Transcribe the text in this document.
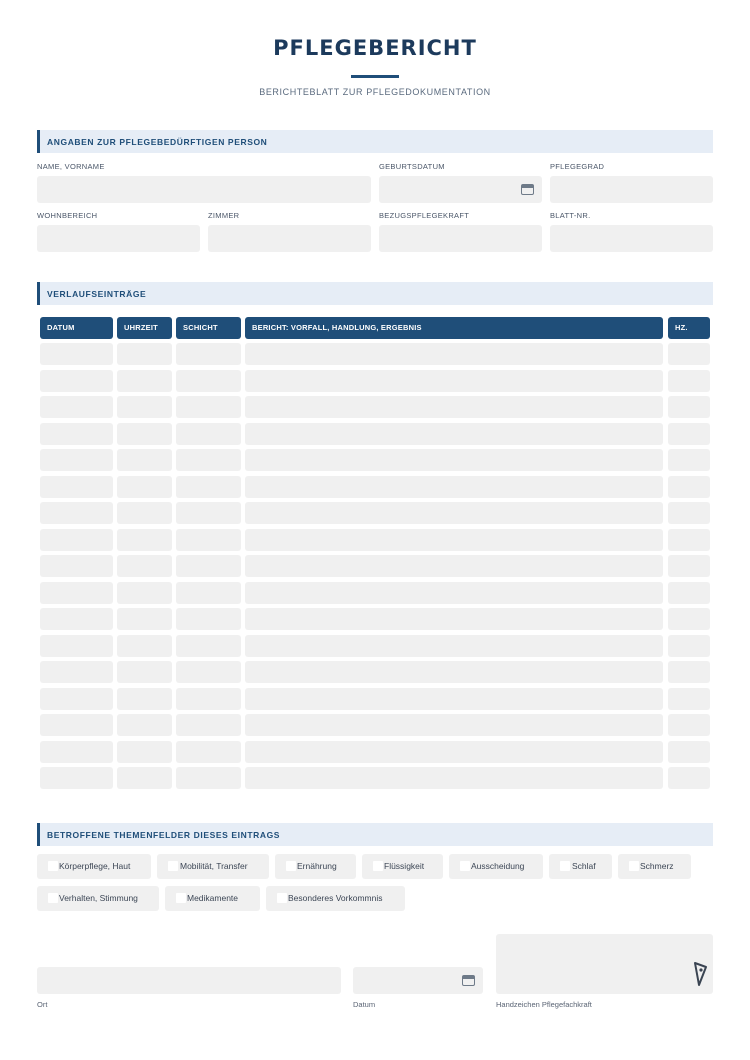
PFLEGEBERICHT
BERICHTEBLATT ZUR PFLEGEDOKUMENTATION
ANGABEN ZUR PFLEGEBEDÜRFTIGEN PERSON
NAME, VORNAME	GEBURTSDATUM	PFLEGEGRAD
WOHNBEREICH	ZIMMER	BEZUGSPFLEGEKRAFT	BLATT-NR.
VERLAUFSEINTRÄGE
DATUM	UHRZEIT	SCHICHT	BERICHT: VORFALL, HANDLUNG, ERGEBNIS	HZ.
BETROFFENE THEMENFELDER DIESES EINTRAGS
Körperpflege, Haut	Mobilität, Transfer	Ernährung	Flüssigkeit	Ausscheidung	Schlaf	Schmerz
Verhalten, Stimmung	Medikamente	Besonderes Vorkommnis
Ort	Datum	Handzeichen Pflegefachkraft
